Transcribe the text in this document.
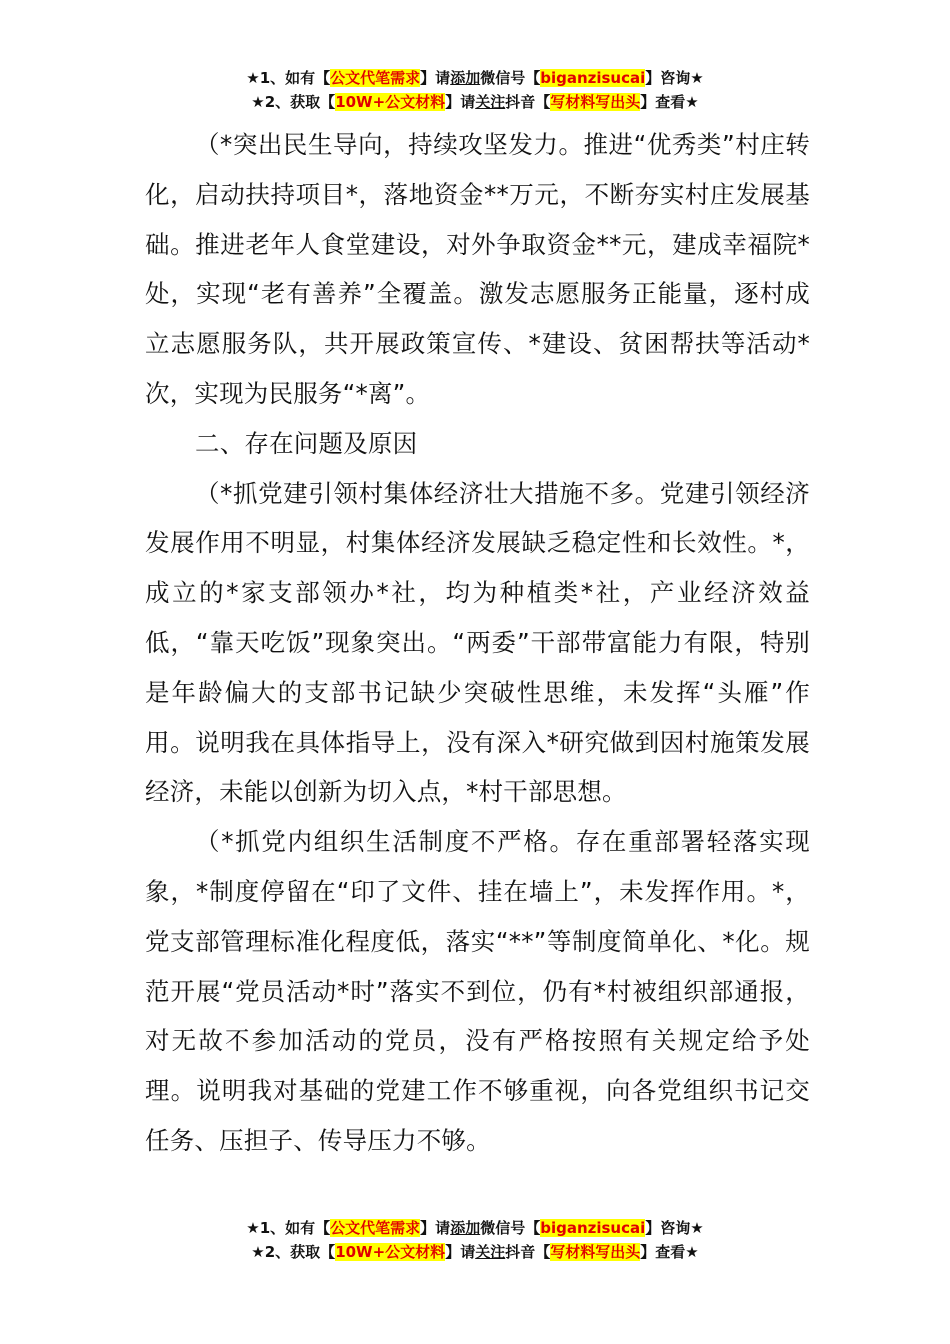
★1、如有【公文代笔需求】请添加微信号【biganzisucai】咨询★
★2、获取【10W+公文材料】请关注抖音【写材料写出头】查看★

（*突出民生导向，持续攻坚发力。推进“优秀类”村庄转化，启动扶持项目*，落地资金**万元，不断夯实村庄发展基础。推进老年人食堂建设，对外争取资金**元，建成幸福院*处，实现“老有善养”全覆盖。激发志愿服务正能量，逐村成立志愿服务队，共开展政策宣传、*建设、贫困帮扶等活动*次，实现为民服务“*离”。

二、存在问题及原因

（*抓党建引领村集体经济壮大措施不多。党建引领经济发展作用不明显，村集体经济发展缺乏稳定性和长效性。*，成立的*家支部领办*社，均为种植类*社，产业经济效益低，“靠天吃饭”现象突出。“两委”干部带富能力有限，特别是年龄偏大的支部书记缺少突破性思维，未发挥“头雁”作用。说明我在具体指导上，没有深入*研究做到因村施策发展经济，未能以创新为切入点，*村干部思想。

（*抓党内组织生活制度不严格。存在重部署轻落实现象，*制度停留在“印了文件、挂在墙上”，未发挥作用。*，党支部管理标准化程度低，落实“**”等制度简单化、*化。规范开展“党员活动*时”落实不到位，仍有*村被组织部通报，对无故不参加活动的党员，没有严格按照有关规定给予处理。说明我对基础的党建工作不够重视，向各党组织书记交任务、压担子、传导压力不够。

★1、如有【公文代笔需求】请添加微信号【biganzisucai】咨询★
★2、获取【10W+公文材料】请关注抖音【写材料写出头】查看★
